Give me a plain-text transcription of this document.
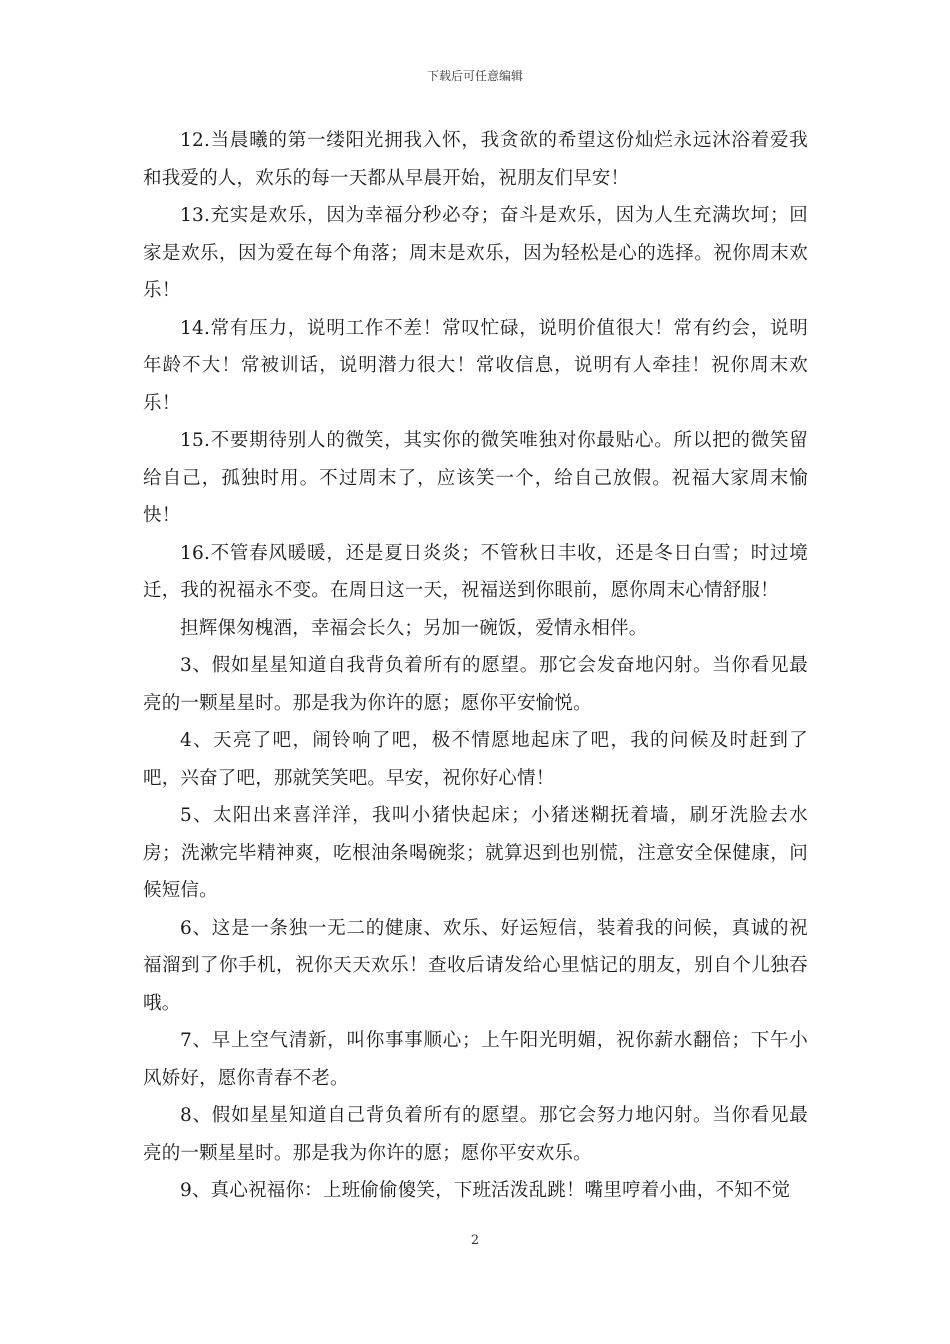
下载后可任意编辑

12.当晨曦的第一缕阳光拥我入怀，我贪欲的希望这份灿烂永远沐浴着爱我和我爱的人，欢乐的每一天都从早晨开始，祝朋友们早安！

13.充实是欢乐，因为幸福分秒必夺；奋斗是欢乐，因为人生充满坎坷；回家是欢乐，因为爱在每个角落；周末是欢乐，因为轻松是心的选择。祝你周末欢乐！

14.常有压力，说明工作不差！常叹忙碌，说明价值很大！常有约会，说明年龄不大！常被训话，说明潜力很大！常收信息，说明有人牵挂！祝你周末欢乐！

15.不要期待别人的微笑，其实你的微笑唯独对你最贴心。所以把的微笑留给自己，孤独时用。不过周末了，应该笑一个，给自己放假。祝福大家周末愉快！

16.不管春风暖暖，还是夏日炎炎；不管秋日丰收，还是冬日白雪；时过境迁，我的祝福永不变。在周日这一天，祝福送到你眼前，愿你周末心情舒服！

担辉倮匆槐酒，幸福会长久；另加一碗饭，爱情永相伴。

3、假如星星知道自我背负着所有的愿望。那它会发奋地闪射。当你看见最亮的一颗星星时。那是我为你许的愿；愿你平安愉悦。

4、天亮了吧，闹铃响了吧，极不情愿地起床了吧，我的问候及时赶到了吧，兴奋了吧，那就笑笑吧。早安，祝你好心情！

5、太阳出来喜洋洋，我叫小猪快起床；小猪迷糊抚着墙，刷牙洗脸去水房；洗漱完毕精神爽，吃根油条喝碗浆；就算迟到也别慌，注意安全保健康，问候短信。

6、这是一条独一无二的健康、欢乐、好运短信，装着我的问候，真诚的祝福溜到了你手机，祝你天天欢乐！查收后请发给心里惦记的朋友，别自个儿独吞哦。

7、早上空气清新，叫你事事顺心；上午阳光明媚，祝你薪水翻倍；下午小风娇好，愿你青春不老。

8、假如星星知道自己背负着所有的愿望。那它会努力地闪射。当你看见最亮的一颗星星时。那是我为你许的愿；愿你平安欢乐。

9、真心祝福你：上班偷偷傻笑，下班活泼乱跳！嘴里哼着小曲，不知不觉

2
